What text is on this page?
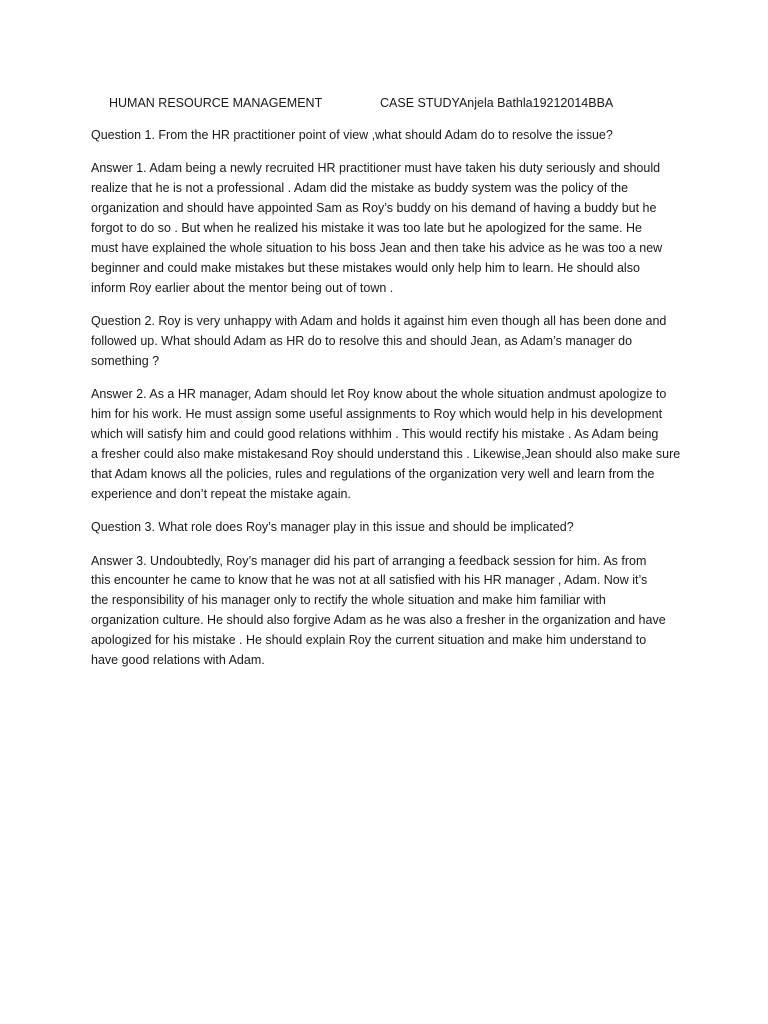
HUMAN RESOURCE MANAGEMENT	CASE STUDYAnjela Bathla19212014BBA

Question 1. From the HR practitioner point of view ,what should Adam do to resolve the issue?

Answer 1. Adam being a newly recruited HR practitioner must have taken his duty seriously and should
realize that he is not a professional . Adam did the mistake as buddy system was the policy of the
organization and should have appointed Sam as Roy’s buddy on his demand of having a buddy but he
forgot to do so . But when he realized his mistake it was too late but he apologized for the same. He
must have explained the whole situation to his boss Jean and then take his advice as he was too a new
beginner and could make mistakes but these mistakes would only help him to learn. He should also
inform Roy earlier about the mentor being out of town .

Question 2. Roy is very unhappy with Adam and holds it against him even though all has been done and
followed up. What should Adam as HR do to resolve this and should Jean, as Adam’s manager do
something ?

Answer 2. As a HR manager, Adam should let Roy know about the whole situation andmust apologize to
him for his work. He must assign some useful assignments to Roy which would help in his development
which will satisfy him and could good relations withhim . This would rectify his mistake . As Adam being
a fresher could also make mistakesand Roy should understand this . Likewise,Jean should also make sure
that Adam knows all the policies, rules and regulations of the organization very well and learn from the
experience and don’t repeat the mistake again.

Question 3. What role does Roy’s manager play in this issue and should be implicated?

Answer 3. Undoubtedly, Roy’s manager did his part of arranging a feedback session for him. As from
this encounter he came to know that he was not at all satisfied with his HR manager , Adam. Now it’s
the responsibility of his manager only to rectify the whole situation and make him familiar with
organization culture. He should also forgive Adam as he was also a fresher in the organization and have
apologized for his mistake . He should explain Roy the current situation and make him understand to
have good relations with Adam.
